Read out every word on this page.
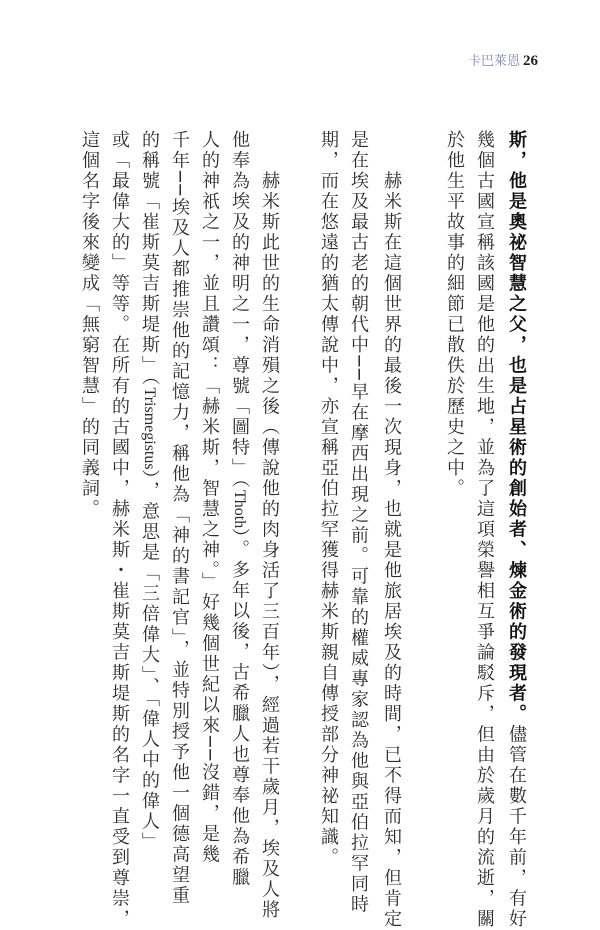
卡巴萊恩 26
斯，他是奧祕智慧之父，也是占星術的創始者、煉金術的發現者。儘管在數千年前，有好
幾個古國宣稱該國是他的出生地，並為了這項榮譽相互爭論駁斥，但由於歲月的流逝，關
於他生平故事的細節已散佚於歷史之中。
赫米斯在這個世界的最後一次現身，也就是他旅居埃及的時間，已不得而知，但肯定
是在埃及最古老的朝代中──早在摩西出現之前。可靠的權威專家認為他與亞伯拉罕同時
期，而在悠遠的猶太傳說中，亦宣稱亞伯拉罕獲得赫米斯親自傳授部分神祕知識。
赫米斯此世的生命消殞之後（傳說他的肉身活了三百年），經過若干歲月，埃及人將
他奉為埃及的神明之一，尊號「圖特」（Thoth）。多年以後，古希臘人也尊奉他為希臘
人的神祇之一，並且讚頌：「赫米斯，智慧之神。」好幾個世紀以來──沒錯，是幾
千年──埃及人都推崇他的記憶力，稱他為「神的書記官」，並特別授予他一個德高望重
的稱號「崔斯莫吉斯堤斯」（Trismegistus），意思是「三倍偉大」、「偉人中的偉人」
或「最偉大的」等等。在所有的古國中，赫米斯・崔斯莫吉斯堤斯的名字一直受到尊崇，
這個名字後來變成「無窮智慧」的同義詞。
